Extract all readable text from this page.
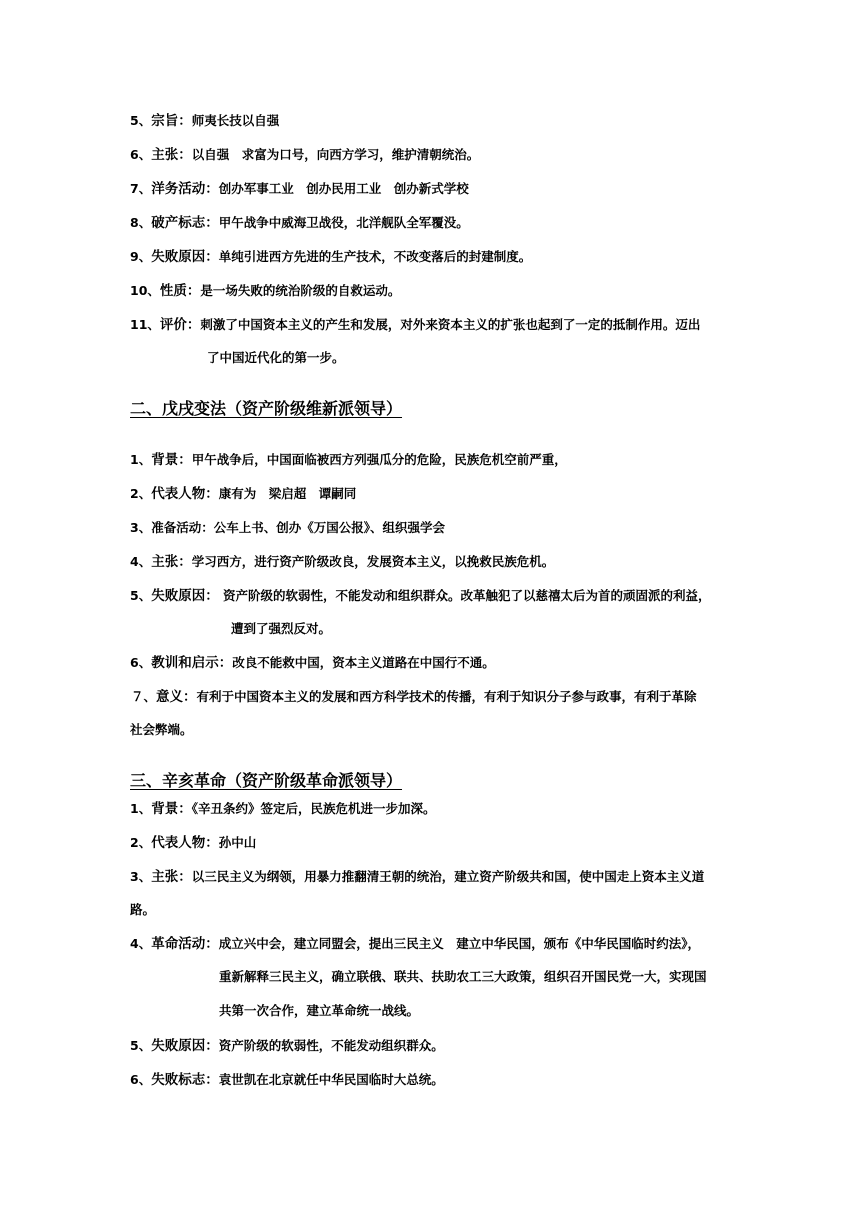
5、宗旨：师夷长技以自强
6、主张：以自强　求富为口号，向西方学习，维护清朝统治。
7、洋务活动：创办军事工业　创办民用工业　创办新式学校
8、破产标志：甲午战争中威海卫战役，北洋舰队全军覆没。
9、失败原因：单纯引进西方先进的生产技术，不改变落后的封建制度。
10、性质：是一场失败的统治阶级的自救运动。
11、评价：刺激了中国资本主义的产生和发展，对外来资本主义的扩张也起到了一定的抵制作用。迈出
了中国近代化的第一步。
二、戊戌变法（资产阶级维新派领导）
1、背景：甲午战争后，中国面临被西方列强瓜分的危险，民族危机空前严重，
2、代表人物：康有为　梁启超　谭嗣同
3、准备活动：公车上书、创办《万国公报》、组织强学会
4、主张：学习西方，进行资产阶级改良，发展资本主义，以挽救民族危机。
5、失败原因： 资产阶级的软弱性，不能发动和组织群众。改革触犯了以慈禧太后为首的顽固派的利益，
遭到了强烈反对。
6、教训和启示：改良不能救中国，资本主义道路在中国行不通。
７、意义：有利于中国资本主义的发展和西方科学技术的传播，有利于知识分子参与政事，有利于革除
社会弊端。
三、辛亥革命（资产阶级革命派领导）
1、背景：《辛丑条约》签定后，民族危机进一步加深。
2、代表人物：孙中山
3、主张：以三民主义为纲领，用暴力推翻清王朝的统治，建立资产阶级共和国，使中国走上资本主义道
路。
4、革命活动：成立兴中会，建立同盟会，提出三民主义　建立中华民国，颁布《中华民国临时约法》，
重新解释三民主义，确立联俄、联共、扶助农工三大政策，组织召开国民党一大，实现国
共第一次合作，建立革命统一战线。
5、失败原因：资产阶级的软弱性，不能发动组织群众。
6、失败标志：袁世凯在北京就任中华民国临时大总统。
